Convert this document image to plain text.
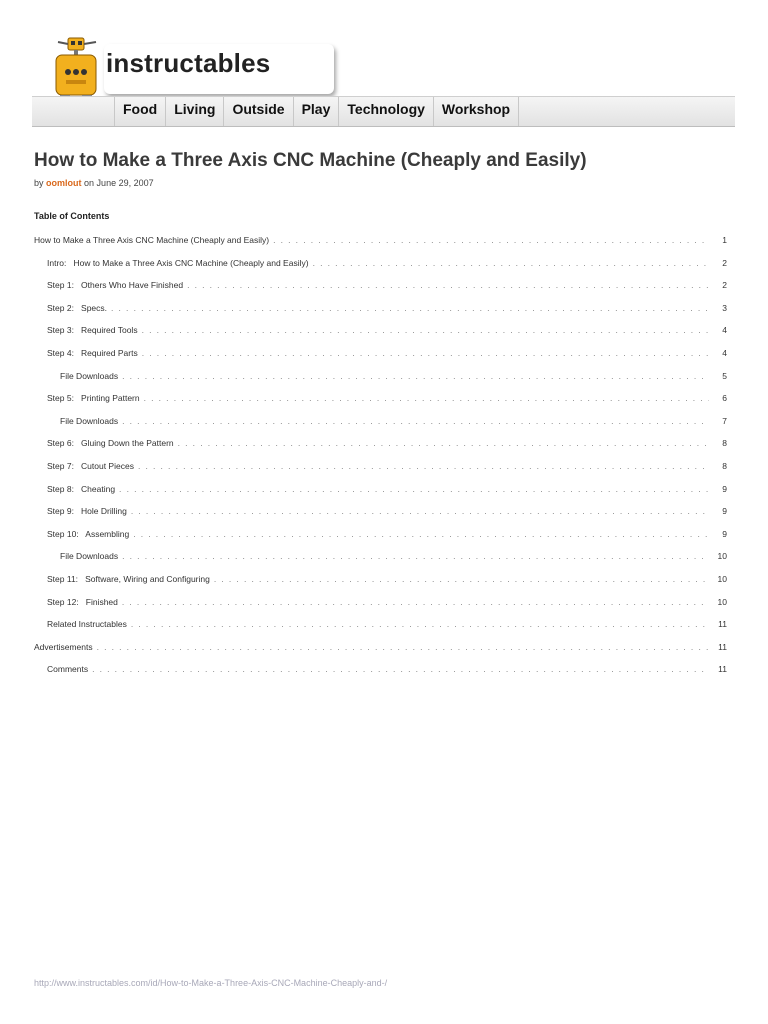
instructables
Food	Living	Outside	Play	Technology	Workshop
How to Make a Three Axis CNC Machine (Cheaply and Easily)
by oomlout on June 29, 2007
Table of Contents
How to Make a Three Axis CNC Machine (Cheaply and Easily) . . .	1
Intro:   How to Make a Three Axis CNC Machine (Cheaply and Easily) . . .	2
Step 1:   Others Who Have Finished . . .	2
Step 2:   Specs. . . .	3
Step 3:   Required Tools . . .	4
Step 4:   Required Parts . . .	4
File Downloads . . .	5
Step 5:   Printing Pattern . . .	6
File Downloads . . .	7
Step 6:   Gluing Down the Pattern . . .	8
Step 7:   Cutout Pieces . . .	8
Step 8:   Cheating . . .	9
Step 9:   Hole Drilling . . .	9
Step 10:   Assembling . . .	9
File Downloads . . .	10
Step 11:   Software, Wiring and Configuring . . .	10
Step 12:   Finished . . .	10
Related Instructables . . .	11
Advertisements . . .	11
Comments . . .	11
http://www.instructables.com/id/How-to-Make-a-Three-Axis-CNC-Machine-Cheaply-and-/
